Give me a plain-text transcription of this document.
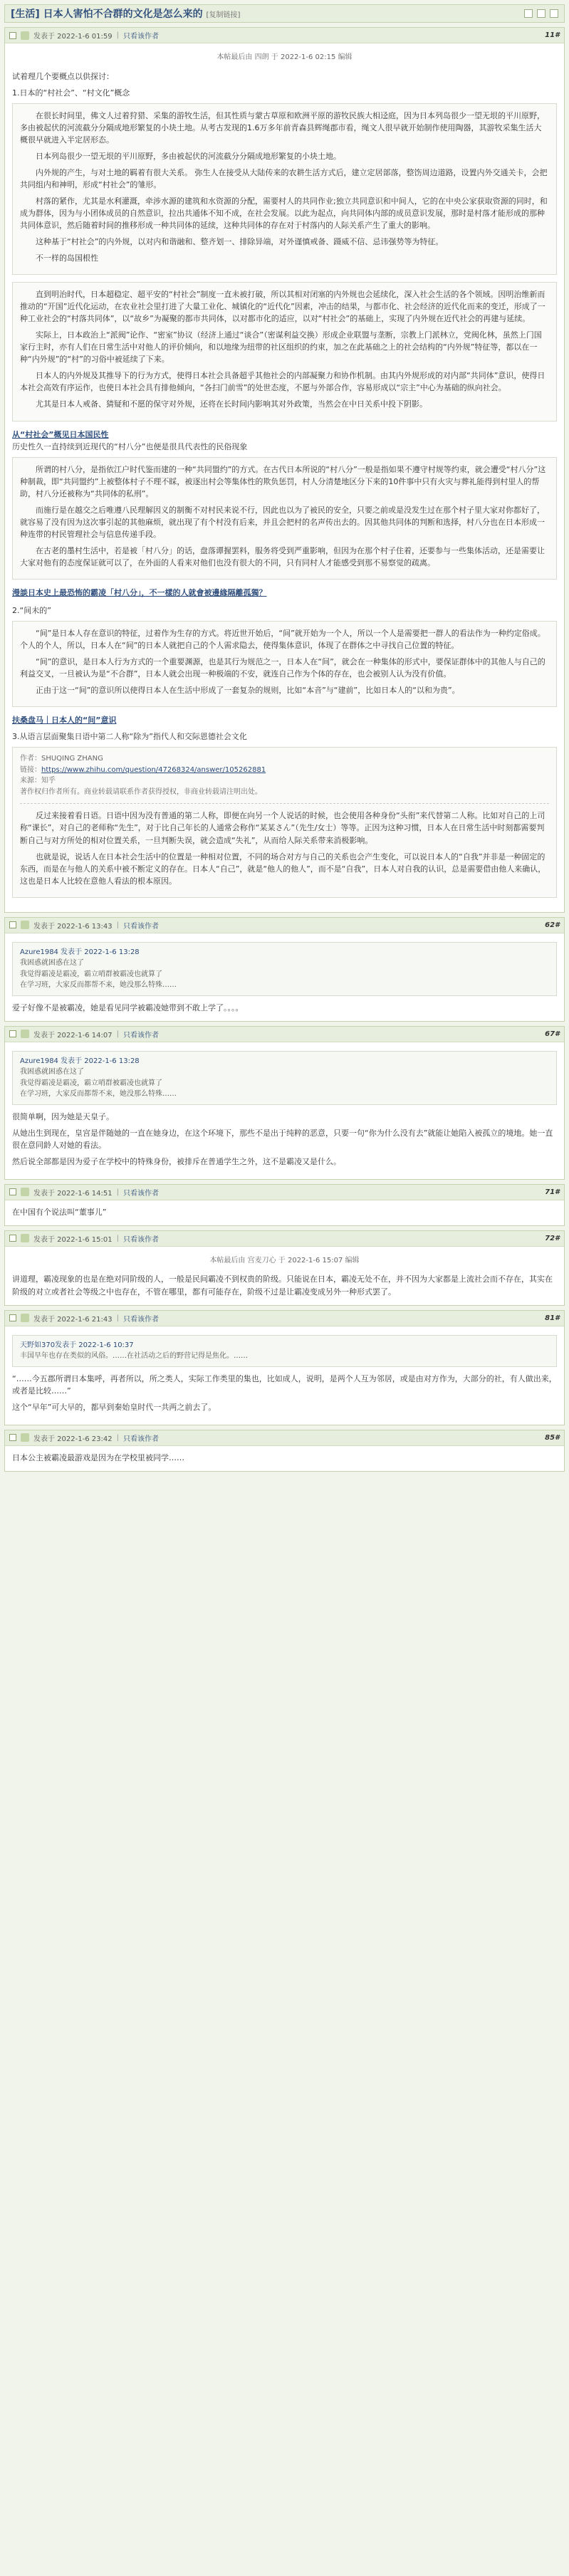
[生活] 日本人害怕不合群的文化是怎么来的 [复制链接]
发表于 2022-1-6 01:59 | 只看该作者	11#
本帖最后由 四朗 于 2022-1-6 02:15 编辑

试着理几个要概点以供探讨：

1.日本的“村社会”、“村文化”概念

在很长时间里，佛文人过着狩猎、采集的游牧生活，但其性质与蒙古草原和欧洲平原的游牧民族大相迳庭，因为日本列岛很少一望无垠的平川原野，多由被起伏的河流截分分隔成地形繁复的小块土地。从考古发现的1.6万多年前青森县辉绳郡市看，绳文人很早就开始制作使用陶器，其游牧采集生活大概很早就进入半定居形态。

日本列岛很少一望无垠的平川原野，多由被起伏的河流截分分隔成地形繁复的小块土地。

内外规的产生，与对土地的羁着有很大关系。 弥生人在接受从大陆传来的农耕生活方式后，建立定居部落，整饬周边道路，设置内外交通关卡，会把共同组内和神明，形成“村社会”的雏形。

村落的紧作，尤其是水利灌溉，牵涉水源的建筑和水资源的分配，需要村人的共同作业;独立共同意识和中间人，它的在中央公家获取资源的同时，和成为群体，因为与小团体成员的自然意识，拉出共通体不知不成，在社会发展。以此为起点，向共同体内部的成员意识发展，那时是村落才能形成的那种共同体意识，然后随着时间的推移形成一种共同体的延续，这种共同体的存在对于村落内的人际关系产生了重大的影响。

这种基于“村社会”的内外规，以对内和谐融和、整齐划一、排除异端，对外谨慎戒备、蹑威不信、忌讳强势等为特征。

不一样的岛国根性

直到明治时代，日本超稳定、超平安的“村社会”制度一直未被打破，所以其相对闭塞的内外规也会延续化，深入社会生活的各个领域。因明治维新而推动的“开国”近代化运动，在农业社会里打进了大量工业化、城镇化的“近代化”因素，冲击的结果，与都市化、社会经济的近代化而来的变迁，形成了一种工业社会的“村落共同体”，以“故乡”为凝聚的都市共同体，以对都市化的适应，以对“村社会”的基础上，实现了内外规在近代社会的再建与延续。

实际上，日本政治上“派阀”论作、“密室”协议（经济上通过“谈合”（密谋利益交换）形成企业联盟与垄断，宗教上门派林立，党阀化林，虽然上门国家行主时，亦有人们在日常生活中对他人的评价倾向，和以地缘为纽带的社区组织的约束，加之在此基础之上的社会结构的“内外规”特征等，都以在一种“内外规”的“村”的习俗中被延续了下来。

日本人的内外规及其推导下的行为方式，使得日本社会具备超乎其他社会的内部凝聚力和协作机制。由其内外规形成的对内部“共同体”意识，使得日本社会高效有序运作，也使日本社会具有排他倾向，“各扫门前雪”的处世态度，不愿与外部合作，容易形成以“宗主”中心为基础的纵向社会。

尤其是日本人戒备、猜疑和不愿的保守对外规，还将在长时间内影响其对外政策，当然会在中日关系中投下阴影。

从“村社会”概见日本国民性

历史性久一直持续到近现代的“村八分”也便是很具代表性的民俗现象

所谓的村八分，是指依江户时代鉴而建的一种“共同盟约”的方式。在古代日本所说的“村八分”一般是指如果不遵守村规等约束，就会遭受“村八分”这种制裁，即“共同盟约”上被整体村子不理不睬，被逐出村会等集体性的欺负惩罚，村人分清楚地区分下来的10件事中只有火灾与葬礼能得到村里人的帮助，村八分还被称为“共同体的私刑”。

而施行是在越交之后唯遵八民理解因义的制衡不对村民来说不行，因此也以为了被民的安全，只要之前或是没发生过在那个村子里大家对你都好了，就容易了没有因为这次事引起的其他麻烦，就出现了有个村没有后来，并且会把村的名声传出去的。因其他共同体的判断和选择，村八分也在日本形成一种连带的村民管理社会与信息传递手段。

在古老的墨村生活中，若是被「村八分」的话，盘落谭握罢料，服务将受到严重影响，但因为在那个村子住着，还要参与一些集体活动，还是需要让大家对他有的态度保证就可以了，在外面的人看来对他们也没有很大的不同，只有同村人才能感受到那不易察觉的疏离。

漫談日本史上最恐怖的霸凌「村八分」，不一樣的人就會被邊緣隔離孤獨？
2.“间未的”

“间”是日本人存在意识的特征，过着作为生存的方式。将近世开始后，“间”就开始为一个人，所以一个人是需要把一群人的看法作为一种约定俗成。个人的个人，所以，日本人在“间”的日本人就把自己的个人需求隐去，使得集体意识，体现了在群体之中寻找自己位置的特征。

“间”的意识，是日本人行为方式的一个重要渊源，也是其行为规范之一，日本人在“间”，就会在一种集体的形式中，要保证群体中的其他人与自己的利益交叉，一旦被认为是“不合群”，日本人就会出现一种极端的不安，就连自己作为个体的存在，也会被别人认为没有价值。

正由于这一“间”的意识所以使得日本人在生活中形成了一套复杂的规则，比如“本音”与“建前”，比如日本人的“以和为贵”。

扶桑盘马｜日本人的“间”意识
3.从语言层面聚集日语中第二人称“除为”指代人和交际恩德社会文化
作者：SHUQING ZHANG
链接：https://www.zhihu.com/question/47268324/answer/105262881
来源：知乎
著作权归作者所有。商业转载请联系作者获得授权，非商业转载请注明出处。

反过来接着看日语。日语中因为没有普通的第二人称，即便在向另一个人说话的时候，也会使用各种身份“头衔”来代替第二人称。比如对自己的上司称“课长”，对自己的老师称“先生”，对于比自己年长的人通常会称作“某某さん”（先生/女士）等等。正因为这种习惯，日本人在日常生活中时刻都需要判断自己与对方所处的相对位置关系，一旦判断失误，就会造成“失礼”，从而给人际关系带来消极影响。

也就是说，说话人在日本社会生活中的位置是一种相对位置，不同的场合对方与自己的关系也会产生变化，可以说日本人的“自我”并非是一种固定的东西，而是在与他人的关系中被不断定义的存在。日本人“自己”，就是“他人的他人”，而不是“自我”，日本人对自我的认识，总是需要借由他人来确认，这也是日本人比较在意他人看法的根本原因。

发表于 2022-1-6 13:43 | 只看该作者	62#
Azure1984 发表于 2022-1-6 13:28
我困惑就困惑在这了
我觉得霸凌是霸凌，霸立哨群被霸凌也就算了
在学习班，大家反而都帮不来，她没那么特殊……

爱子好像不是被霸凌，她是看见同学被霸凌她带到不敢上学了。。。。

发表于 2022-1-6 14:07 | 只看该作者	67#
Azure1984 发表于 2022-1-6 13:28
我困惑就困惑在这了
我觉得霸凌是霸凌，霸立哨群被霸凌也就算了
在学习班，大家反而都帮不来，她没那么特殊……

很简单啊，因为她是天皇子。

从她出生到现在，皇宫是伴随她的一直在她身边，在这个环境下，那些不是出于纯粹的恶意，只要一句“你为什么没有去”就能让她陷入被孤立的境地。她一直很在意同龄人对她的看法。

然后说全部都是因为爱子在学校中的特殊身份，被排斥在普通学生之外，这不是霸凌又是什么。

发表于 2022-1-6 14:51 | 只看该作者	71#

在中国有个说法叫“董事儿”

发表于 2022-1-6 15:01 | 只看该作者	72#
本帖最后由 宫麦刀心 于 2022-1-6 15:07 编辑

讲道理，霸凌现象的也是在绝对同阶级的人，一般是民间霸凌不到权贵的阶级。只能说在日本，霸凌无处不在，并不因为大家都是上流社会而不存在，其实在阶级的对立或者社会等级之中也存在，不管在哪里，都有可能存在，阶级不过是让霸凌变成另外一种形式罢了。

发表于 2022-1-6 21:43 | 只看该作者	81#
天野如370发表于 2022-1-6 10:37
丰国早年也存在类似的风俗。……在社活动之后的野营记得是焦化。……

“……今五郡所谓日本集呼，再者所以，所之类人，实际工作类里的集也，比如成人，说明，是两个人互为邻居，或是由对方作为，大部分的社，有人做出来，或者是比较……”

这个“早年”可大早的，都早到秦始皇时代一共两之前去了。

发表于 2022-1-6 23:42 | 只看该作者	85#

日本公主被霸凌最游戏是因为在学校里被同学……
